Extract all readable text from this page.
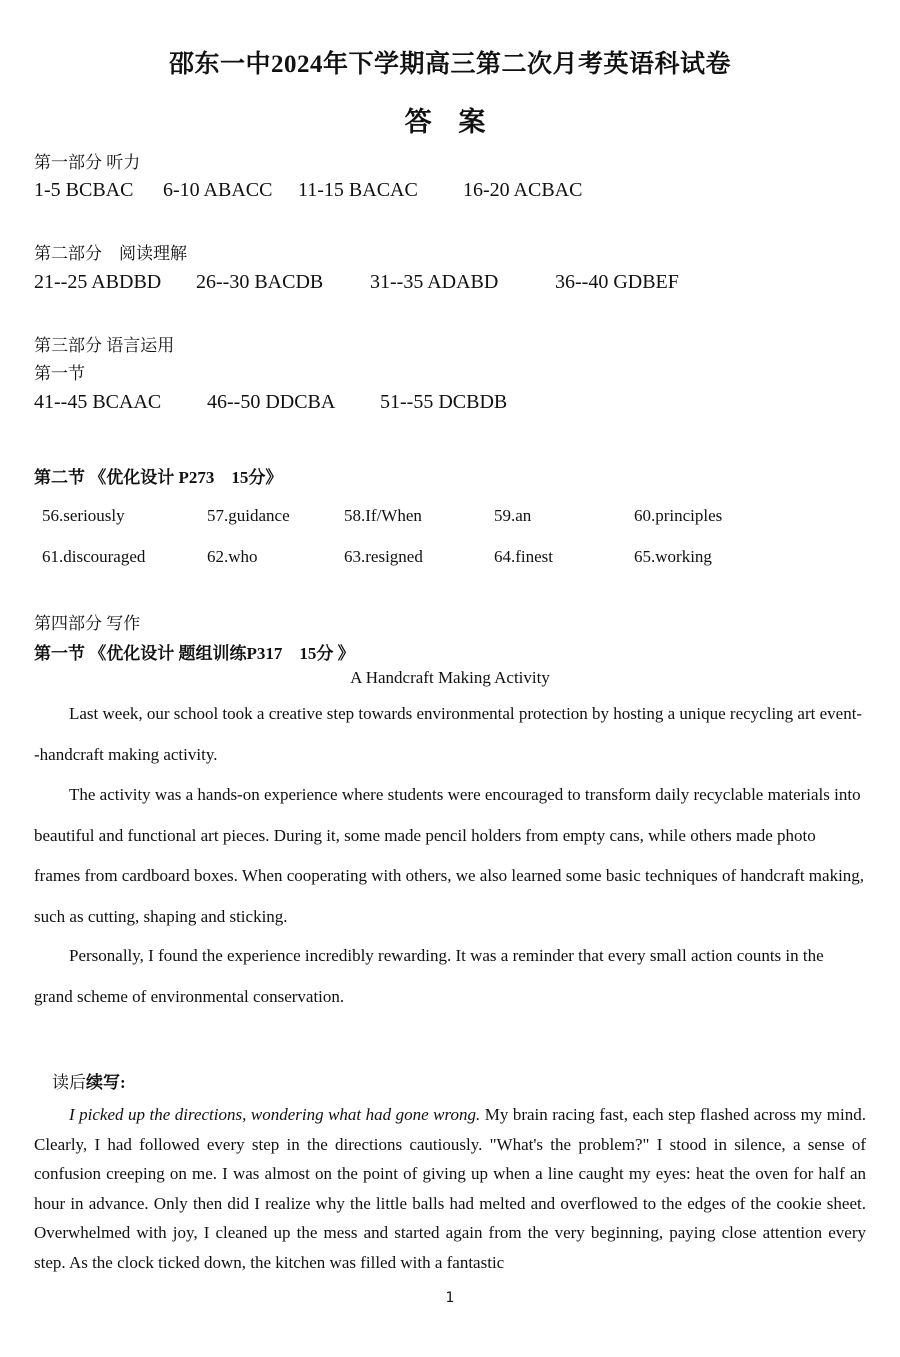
邵东一中2024年下学期高三第二次月考英语科试卷
答 案
第一部分 听力
1-5 BCBAC 6-10 ABACC 11-15 BACAC 16-20 ACBAC
第二部分　阅读理解
21--25 ABDBD 26--30 BACDB 31--35 ADABD	36--40 GDBEF
第三部分 语言运用
第一节
41--45 BCAAC 46--50 DDCBA 51--55 DCBDB
第二节 《优化设计 P273　15分》
56.seriously	57.guidance	58.If/When	59.an	60.principles
61.discouraged	62.who	63.resigned	64.finest	65.working
第四部分 写作
第一节 《优化设计 题组训练P317　15分 》
A Handcraft Making Activity

Last week, our school took a creative step towards environmental protection by hosting a unique recycling art event--handcraft making activity.

The activity was a hands-on experience where students were encouraged to transform daily recyclable materials into beautiful and functional art pieces. During it, some made pencil holders from empty cans, while others made photo frames from cardboard boxes. When cooperating with others, we also learned some basic techniques of handcraft making, such as cutting, shaping and sticking.

Personally, I found the experience incredibly rewarding. It was a reminder that every small action counts in the grand scheme of environmental conservation.

读后续写:

I picked up the directions, wondering what had gone wrong. My brain racing fast, each step flashed across my mind. Clearly, I had followed every step in the directions cautiously. "What's the problem?" I stood in silence, a sense of confusion creeping on me. I was almost on the point of giving up when a line caught my eyes: heat the oven for half an hour in advance. Only then did I realize why the little balls had melted and overflowed to the edges of the cookie sheet. Overwhelmed with joy, I cleaned up the mess and started again from the very beginning, paying close attention every step. As the clock ticked down, the kitchen was filled with a fantastic

1
